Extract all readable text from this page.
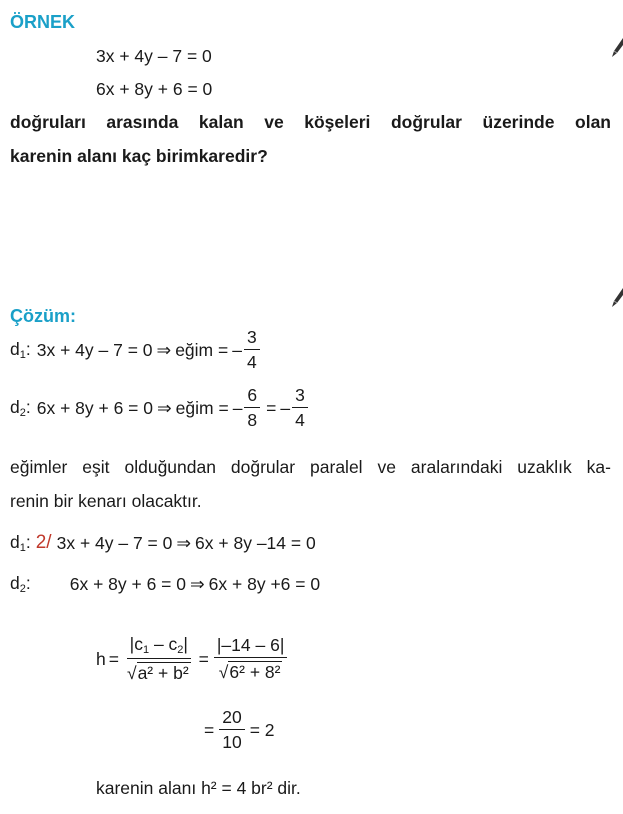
ÖRNEK
3x + 4y – 7 = 0
6x + 8y + 6 = 0
doğruları arasında kalan ve köşeleri doğrular üzerinde olan
karenin alanı kaç birimkaredir?
Çözüm:
$d_1$: 3x + 4y – 7 = 0 ⇒ eğim = – $\frac{3}{4}$
$d_2$: 6x + 8y + 6 = 0 ⇒ eğim = – $\frac{6}{8}$ = – $\frac{3}{4}$
eğimler eşit olduğundan doğrular paralel ve aralarındaki uzaklık ka-
renin bir kenarı olacaktır.
$d_1$: 2/ 3x + 4y – 7 = 0 ⇒ 6x + 8y –14 = 0
$d_2$: 6x + 8y + 6 = 0 ⇒ 6x + 8y +6 = 0
$h = \frac{|c_1 - c_2|}{\text{√a² + b²}} = \frac{|-14 - 6|}{\text{√6² + 8²}}$
= $\frac{20}{10} = 2$
karenin alanı h² = 4 br² dir.
